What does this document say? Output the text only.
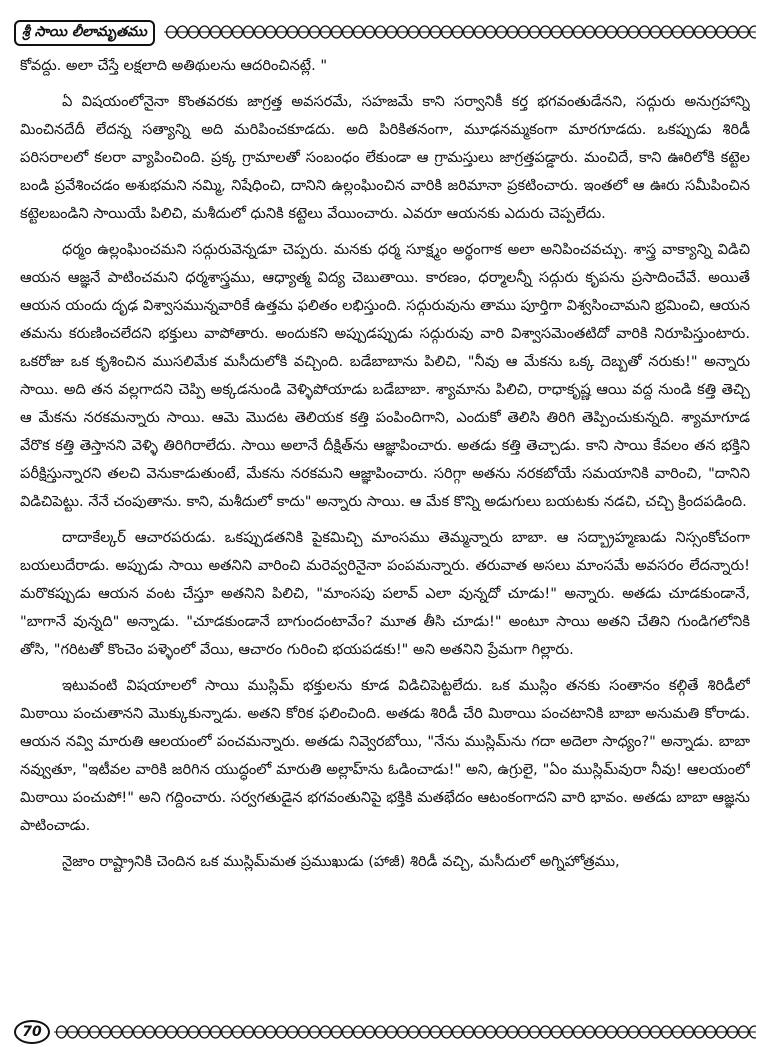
శ్రీ సాయి లీలామృతము

కోవద్దు. అలా చేస్తే లక్షలాది అతిథులను ఆదరించినట్లే. "

ఏ విషయంలోనైనా కొంతవరకు జాగ్రత్త అవసరమే, సహజమే కాని సర్వానికీ కర్త భగవంతుడేనని, సద్గురు అనుగ్రహాన్ని మించినదేదీ లేదన్న సత్యాన్ని అది మరిపించకూడదు. అది పిరికితనంగా, మూఢనమ్మకంగా మారగూడదు. ఒకప్పుడు శిరిడీ పరిసరాలలో కలరా వ్యాపించింది. ప్రక్క గ్రామాలతో సంబంధం లేకుండా ఆ గ్రామస్తులు జాగ్రత్తపడ్డారు. మంచిదే, కాని ఊరిలోకి కట్టెల బండి ప్రవేశించడం అశుభమని నమ్మి, నిషేధించి, దానిని ఉల్లంఘించిన వారికి జరిమానా ప్రకటించారు. ఇంతలో ఆ ఊరు సమీపించిన కట్టెలబండిని సాయియే పిలిచి, మశీదులో ధునికి కట్టెలు వేయించారు. ఎవరూ ఆయనకు ఎదురు చెప్పలేదు.

ధర్మం ఉల్లంఘించమని సద్గురువెన్నడూ చెప్పరు. మనకు ధర్మ సూక్ష్మం అర్థంగాక అలా అనిపించవచ్చు. శాస్త్ర వాక్యాన్ని విడిచి ఆయన ఆజ్ఞనే పాటించమని ధర్మశాస్త్రము, ఆధ్యాత్మ విద్య చెబుతాయి. కారణం, ధర్మాలన్నీ సద్గురు కృపను ప్రసాదించేవే. అయితే ఆయన యందు దృఢ విశ్వాసమున్నవారికే ఉత్తమ ఫలితం లభిస్తుంది. సద్గురువును తాము పూర్తిగా విశ్వసించామని భ్రమించి, ఆయన తమను కరుణించలేదని భక్తులు వాపోతారు. అందుకని అప్పుడప్పుడు సద్గురువు వారి విశ్వాసమెంతటిదో వారికి నిరూపిస్తుంటారు. ఒకరోజు ఒక కృశించిన ముసలిమేక మసీదులోకి వచ్చింది. బడేబాబాను పిలిచి, "నీవు ఆ మేకను ఒక్క దెబ్బతో నరుకు!" అన్నారు సాయి. అది తన వల్లగాదని చెప్పి అక్కడనుండి వెళ్ళిపోయాడు బడేబాబా. శ్యామాను పిలిచి, రాధాకృష్ణ ఆయి వద్ద నుండి కత్తి తెచ్చి ఆ మేకను నరకమన్నారు సాయి. ఆమె మొదట తెలియక కత్తి పంపిందిగాని, ఎందుకో తెలిసి తిరిగి తెప్పించుకున్నది. శ్యామాగూడ వేరొక కత్తి తెస్తానని వెళ్ళి తిరిగిరాలేదు. సాయి అలానే దీక్షిత్‌ను ఆజ్ఞాపించారు. అతడు కత్తి తెచ్చాడు. కాని సాయి కేవలం తన భక్తిని పరీక్షిస్తున్నారని తలచి వెనుకాడుతుంటే, మేకను నరకమని ఆజ్ఞాపించారు. సరిగ్గా అతను నరకబోయే సమయానికి వారించి, "దానిని విడిచిపెట్టు. నేనే చంపుతాను. కాని, మశీదులో కాదు" అన్నారు సాయి. ఆ మేక కొన్ని అడుగులు బయటకు నడచి, చచ్చి క్రిందపడింది.

దాదాకేల్కర్ ఆచారపరుడు. ఒకప్పుడతనికి పైకమిచ్చి మాంసము తెమ్మన్నారు బాబా. ఆ సద్బ్రాహ్మణుడు నిస్సంకోచంగా బయలుదేరాడు. అప్పుడు సాయి అతనిని వారించి మరెవ్వరినైనా పంపమన్నారు. తరువాత అసలు మాంసమే అవసరం లేదన్నారు! మరొకప్పుడు ఆయన వంట చేస్తూ అతనిని పిలిచి, "మాంసపు పలావ్ ఎలా వున్నదో చూడు!" అన్నారు. అతడు చూడకుండానే, "బాగానే వున్నది" అన్నాడు. "చూడకుండానే బాగుందంటావేం? మూత తీసి చూడు!" అంటూ సాయి అతని చేతిని గుండిగలోనికి తోసి, "గరిటతో కొంచెం పళ్ళెంలో వేయి, ఆచారం గురించి భయపడకు!" అని అతనిని ప్రేమగా గిల్లారు.

ఇటువంటి విషయాలలో సాయి ముస్లిమ్ భక్తులను కూడ విడిచిపెట్టలేదు. ఒక ముస్లిం తనకు సంతానం కల్గితే శిరిడీలో మిఠాయి పంచుతానని మొక్కుకున్నాడు. అతని కోరిక ఫలించింది. అతడు శిరిడీ చేరి మిఠాయి పంచటానికి బాబా అనుమతి కోరాడు. ఆయన నవ్వి మారుతి ఆలయంలో పంచమన్నారు. అతడు నివ్వెరబోయి, "నేను ముస్లిమ్‌ను గదా అదెలా సాధ్యం?" అన్నాడు. బాబా నవ్వుతూ, "ఇటీవల వారికి జరిగిన యుద్ధంలో మారుతి అల్లాహ్‌ను ఓడించాడు!" అని, ఉగ్రులై, "ఏం ముస్లిమ్‌వురా నీవు! ఆలయంలో మిఠాయి పంచుపో!" అని గద్దించారు. సర్వగతుడైన భగవంతునిపై భక్తికి మతభేదం ఆటంకంగాదని వారి భావం. అతడు బాబా ఆజ్ఞను పాటించాడు.

నైజాం రాష్ట్రానికి చెందిన ఒక ముస్లిమ్‌మత ప్రముఖుడు (హాజీ) శిరిడీ వచ్చి, మసీదులో అగ్నిహోత్రము,

70
